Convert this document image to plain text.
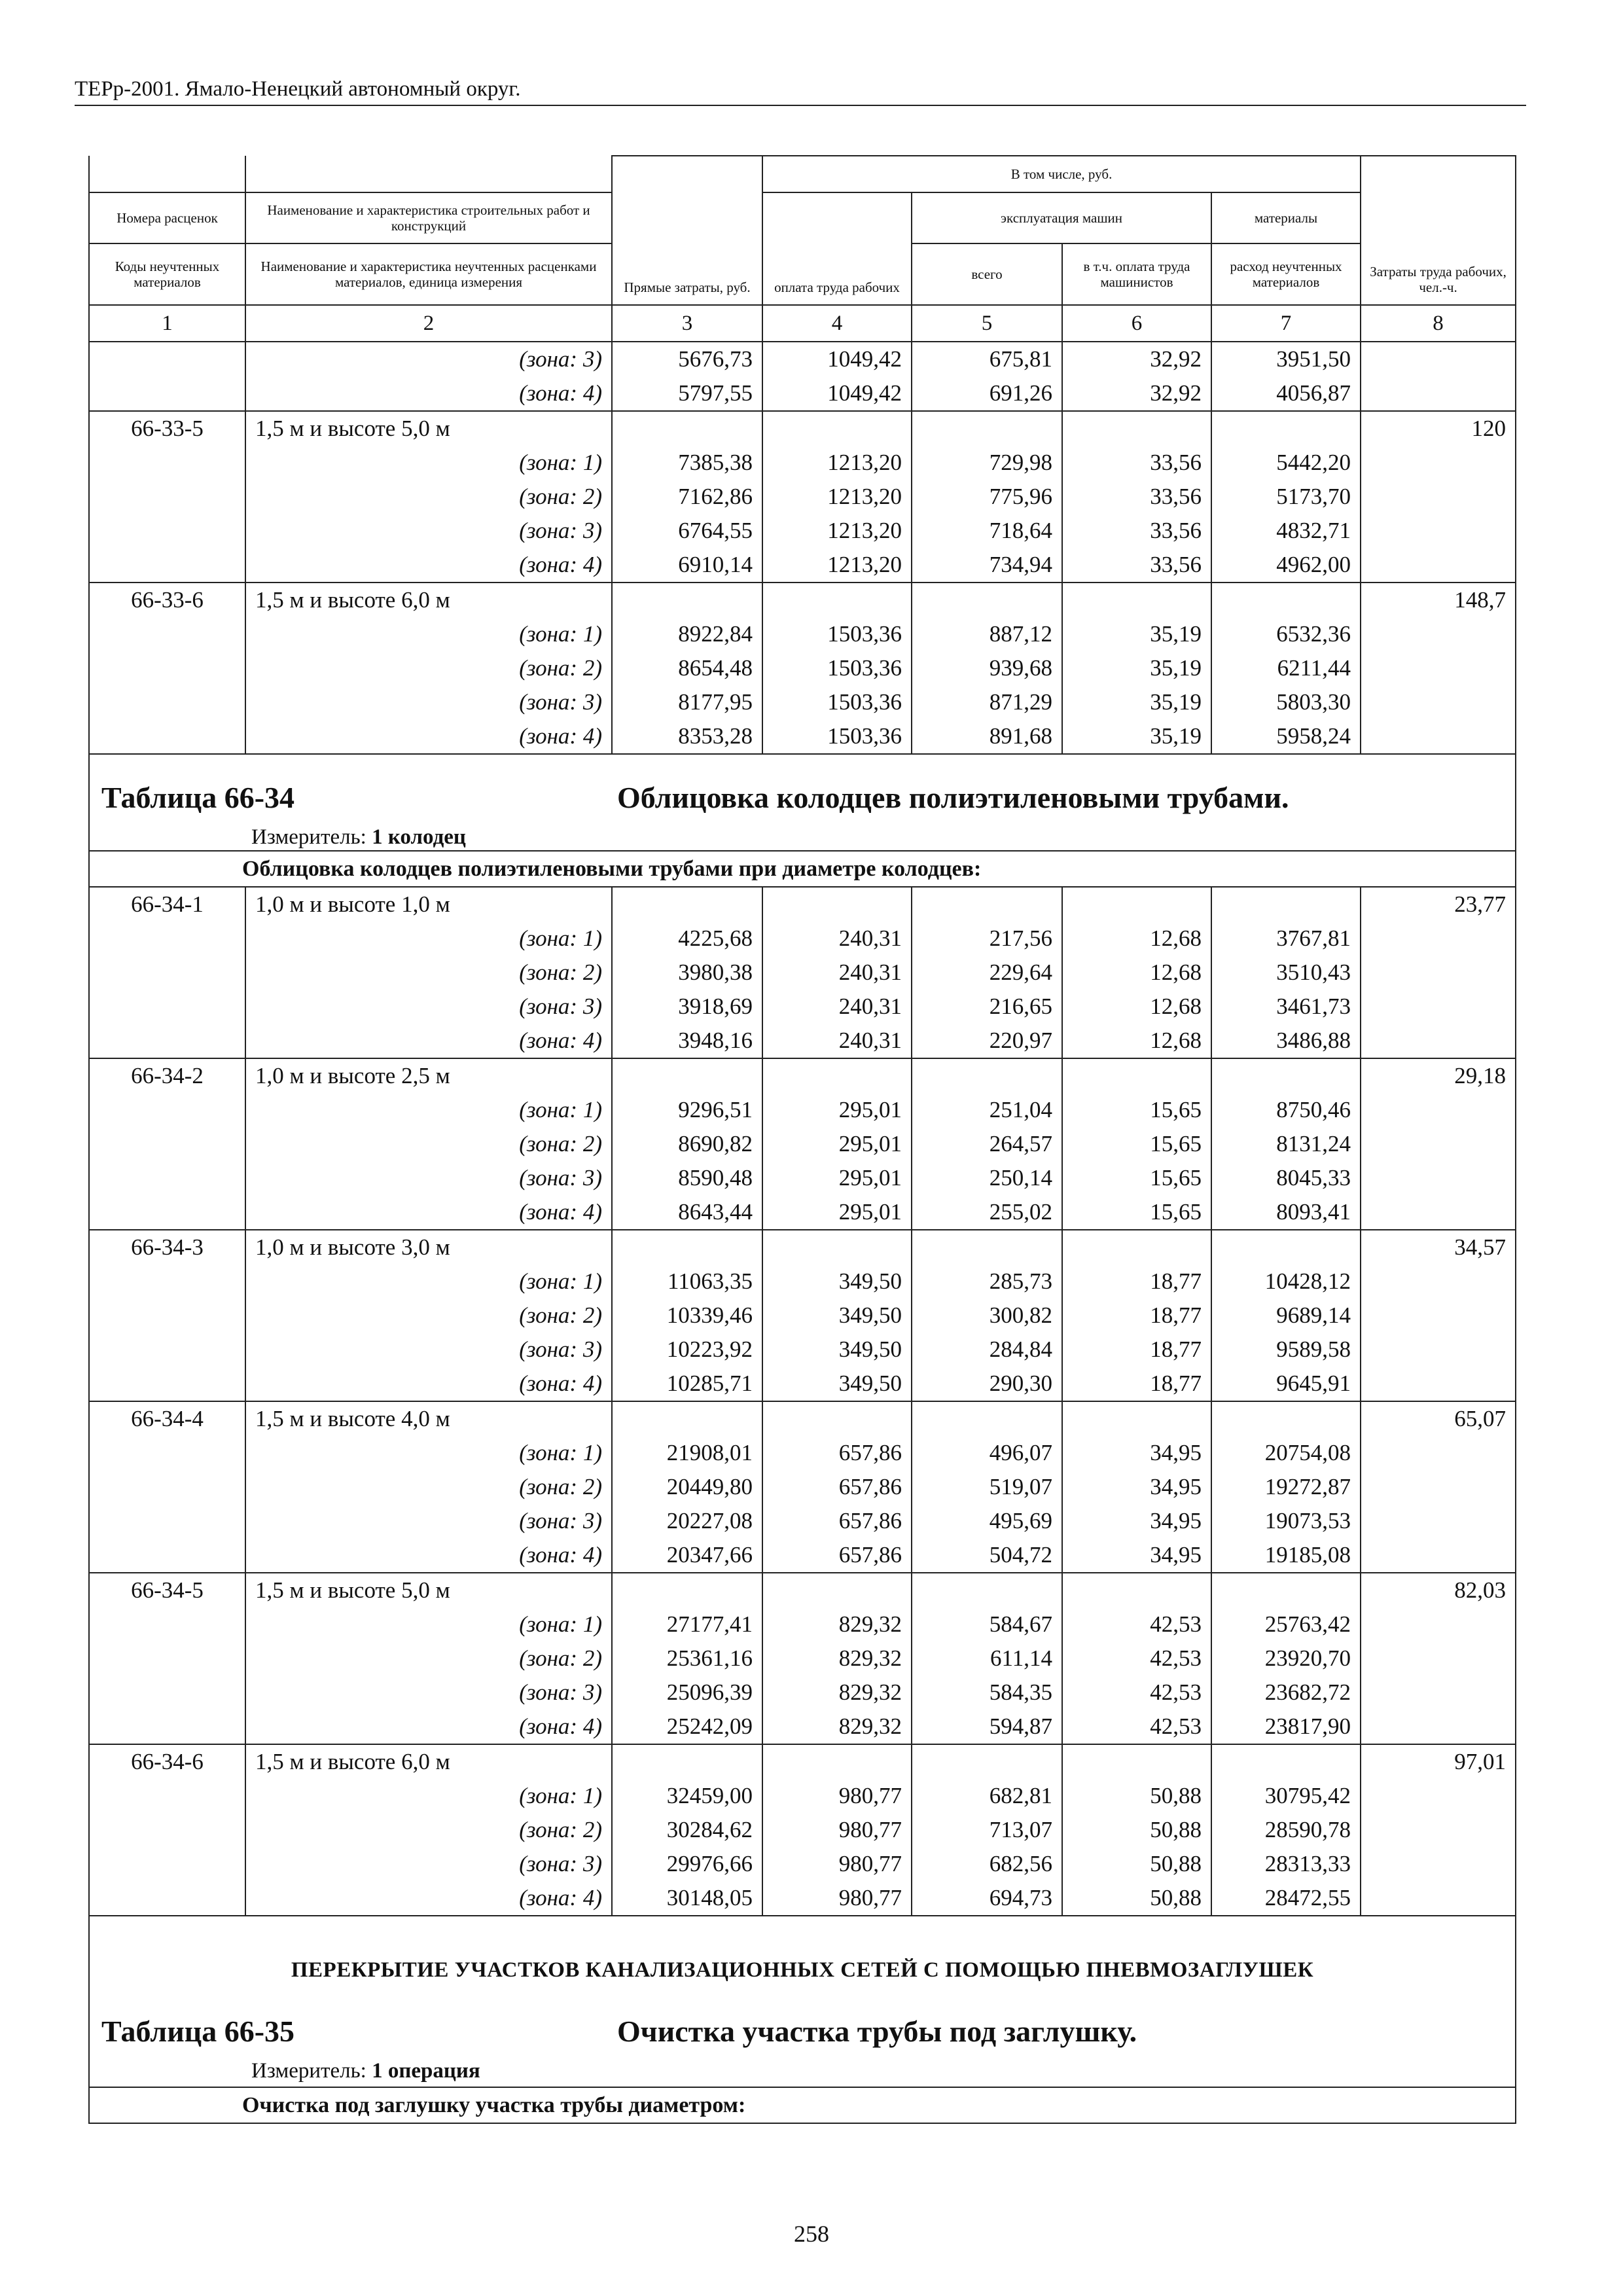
ТЕРр-2001. Ямало-Ненецкий автономный округ.
		Прямые затраты, руб.	В том числе, руб.				Затраты труда рабочих, чел.-ч.
Номера расценок	Наименование и характеристика строительных работ и конструкций		оплата труда рабочих	эксплуатация машин		материалы	
Коды неучтенных материалов	Наименование и характеристика неучтенных расценками материалов, единица измерения			всего	в т.ч. оплата труда машинистов	расход неучтенных материалов	
1	2	3	4	5	6	7	8
	(зона: 3)	5676,73	1049,42	675,81	32,92	3951,50	
	(зона: 4)	5797,55	1049,42	691,26	32,92	4056,87	
66-33-5	1,5 м и высоте 5,0 м						120
	(зона: 1)	7385,38	1213,20	729,98	33,56	5442,20	
	(зона: 2)	7162,86	1213,20	775,96	33,56	5173,70	
	(зона: 3)	6764,55	1213,20	718,64	33,56	4832,71	
	(зона: 4)	6910,14	1213,20	734,94	33,56	4962,00	
66-33-6	1,5 м и высоте 6,0 м						148,7
	(зона: 1)	8922,84	1503,36	887,12	35,19	6532,36	
	(зона: 2)	8654,48	1503,36	939,68	35,19	6211,44	
	(зона: 3)	8177,95	1503,36	871,29	35,19	5803,30	
	(зона: 4)	8353,28	1503,36	891,68	35,19	5958,24	

Таблица 66-34 Облицовка колодцев полиэтиленовыми трубами.
Измеритель: 1 колодец							

Облицовка колодцев полиэтиленовыми трубами при диаметре колодцев:							
66-34-1	1,0 м и высоте 1,0 м						23,77
	(зона: 1)	4225,68	240,31	217,56	12,68	3767,81	
	(зона: 2)	3980,38	240,31	229,64	12,68	3510,43	
	(зона: 3)	3918,69	240,31	216,65	12,68	3461,73	
	(зона: 4)	3948,16	240,31	220,97	12,68	3486,88	
66-34-2	1,0 м и высоте 2,5 м						29,18
	(зона: 1)	9296,51	295,01	251,04	15,65	8750,46	
	(зона: 2)	8690,82	295,01	264,57	15,65	8131,24	
	(зона: 3)	8590,48	295,01	250,14	15,65	8045,33	
	(зона: 4)	8643,44	295,01	255,02	15,65	8093,41	
66-34-3	1,0 м и высоте 3,0 м						34,57
	(зона: 1)	11063,35	349,50	285,73	18,77	10428,12	
	(зона: 2)	10339,46	349,50	300,82	18,77	9689,14	
	(зона: 3)	10223,92	349,50	284,84	18,77	9589,58	
	(зона: 4)	10285,71	349,50	290,30	18,77	9645,91	
66-34-4	1,5 м и высоте 4,0 м						65,07
	(зона: 1)	21908,01	657,86	496,07	34,95	20754,08	
	(зона: 2)	20449,80	657,86	519,07	34,95	19272,87	
	(зона: 3)	20227,08	657,86	495,69	34,95	19073,53	
	(зона: 4)	20347,66	657,86	504,72	34,95	19185,08	
66-34-5	1,5 м и высоте 5,0 м						82,03
	(зона: 1)	27177,41	829,32	584,67	42,53	25763,42	
	(зона: 2)	25361,16	829,32	611,14	42,53	23920,70	
	(зона: 3)	25096,39	829,32	584,35	42,53	23682,72	
	(зона: 4)	25242,09	829,32	594,87	42,53	23817,90	
66-34-6	1,5 м и высоте 6,0 м						97,01
	(зона: 1)	32459,00	980,77	682,81	50,88	30795,42	
	(зона: 2)	30284,62	980,77	713,07	50,88	28590,78	
	(зона: 3)	29976,66	980,77	682,56	50,88	28313,33	
	(зона: 4)	30148,05	980,77	694,73	50,88	28472,55	

ПЕРЕКРЫТИЕ УЧАСТКОВ КАНАЛИЗАЦИОННЫХ СЕТЕЙ С ПОМОЩЬЮ ПНЕВМОЗАГЛУШЕК
Таблица 66-35 Очистка участка трубы под заглушку.
Измеритель: 1 операция							

Очистка под заглушку участка трубы диаметром:							
258
